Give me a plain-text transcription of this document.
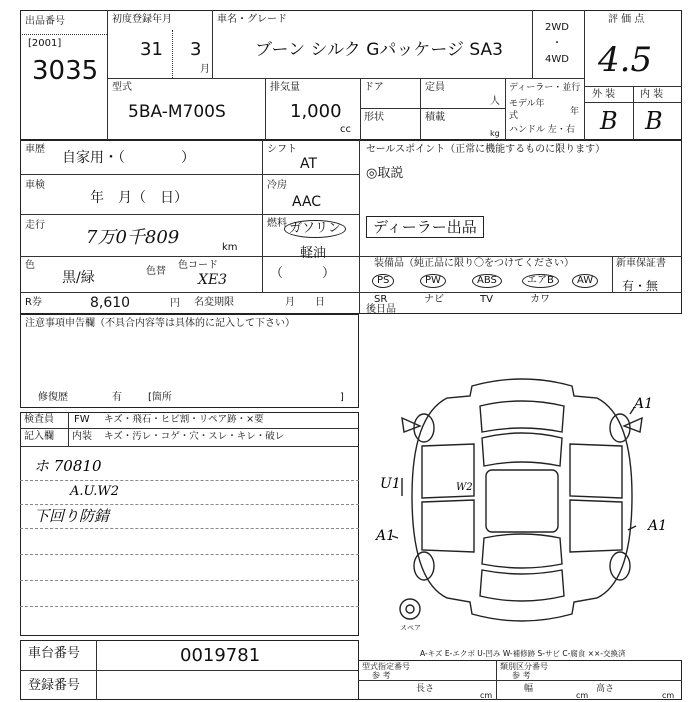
出品番号
[2001]
3035
初度登録年月
31 3
月
車名・グレード
ブーン シルク Gパッケージ SA3
2WD
・
4WD
評 価 点
4.5
型式
5BA-M700S
排気量
1,000
cc
ドア
形状
定員
人
積載
kg
ディーラー・並行
モデル年式	年
ハンドル 左・右
外 装 内 装
B B
車歴
自家用・（　　　　）
シフト
AT
車検
年　月（　日）
冷房
AAC
走行
7万0千809	km
燃料 ガソリン
軽油
色
黒/緑	色替
色コード
XE3	（　　　）
R券	8,610	円 名変期限	月　　日
セールスポイント（正常に機能するものに限ります）
◎取説
ディーラー出品
装備品（純正品に限り〇をつけてください）
PS	PW	ABS	エアB	AW
SR	ナビ	TV	カワ
新車保証書
有・無
後日品
注意事項申告欄（不具合内容等は具体的に記入して下さい）
修復歴	有	[箇所	]
検査員
記入欄
FW キズ・飛石・ヒビ割・リペア跡・×要
内装 キズ・汚レ・コゲ・穴・スレ・キレ・破レ
ホ 70810
A.U.W2
下回り防錆
A1
U1	W2
A1
A1
スペア
A-キズ E-エクボ U-凹み W-補修跡 S-サビ C-腐食 ××-交換済
車台番号	0019781
登録番号
型式指定番号
参 考
類別区分番号
参 考
長さ
cm
幅
cm
高さ
cm
